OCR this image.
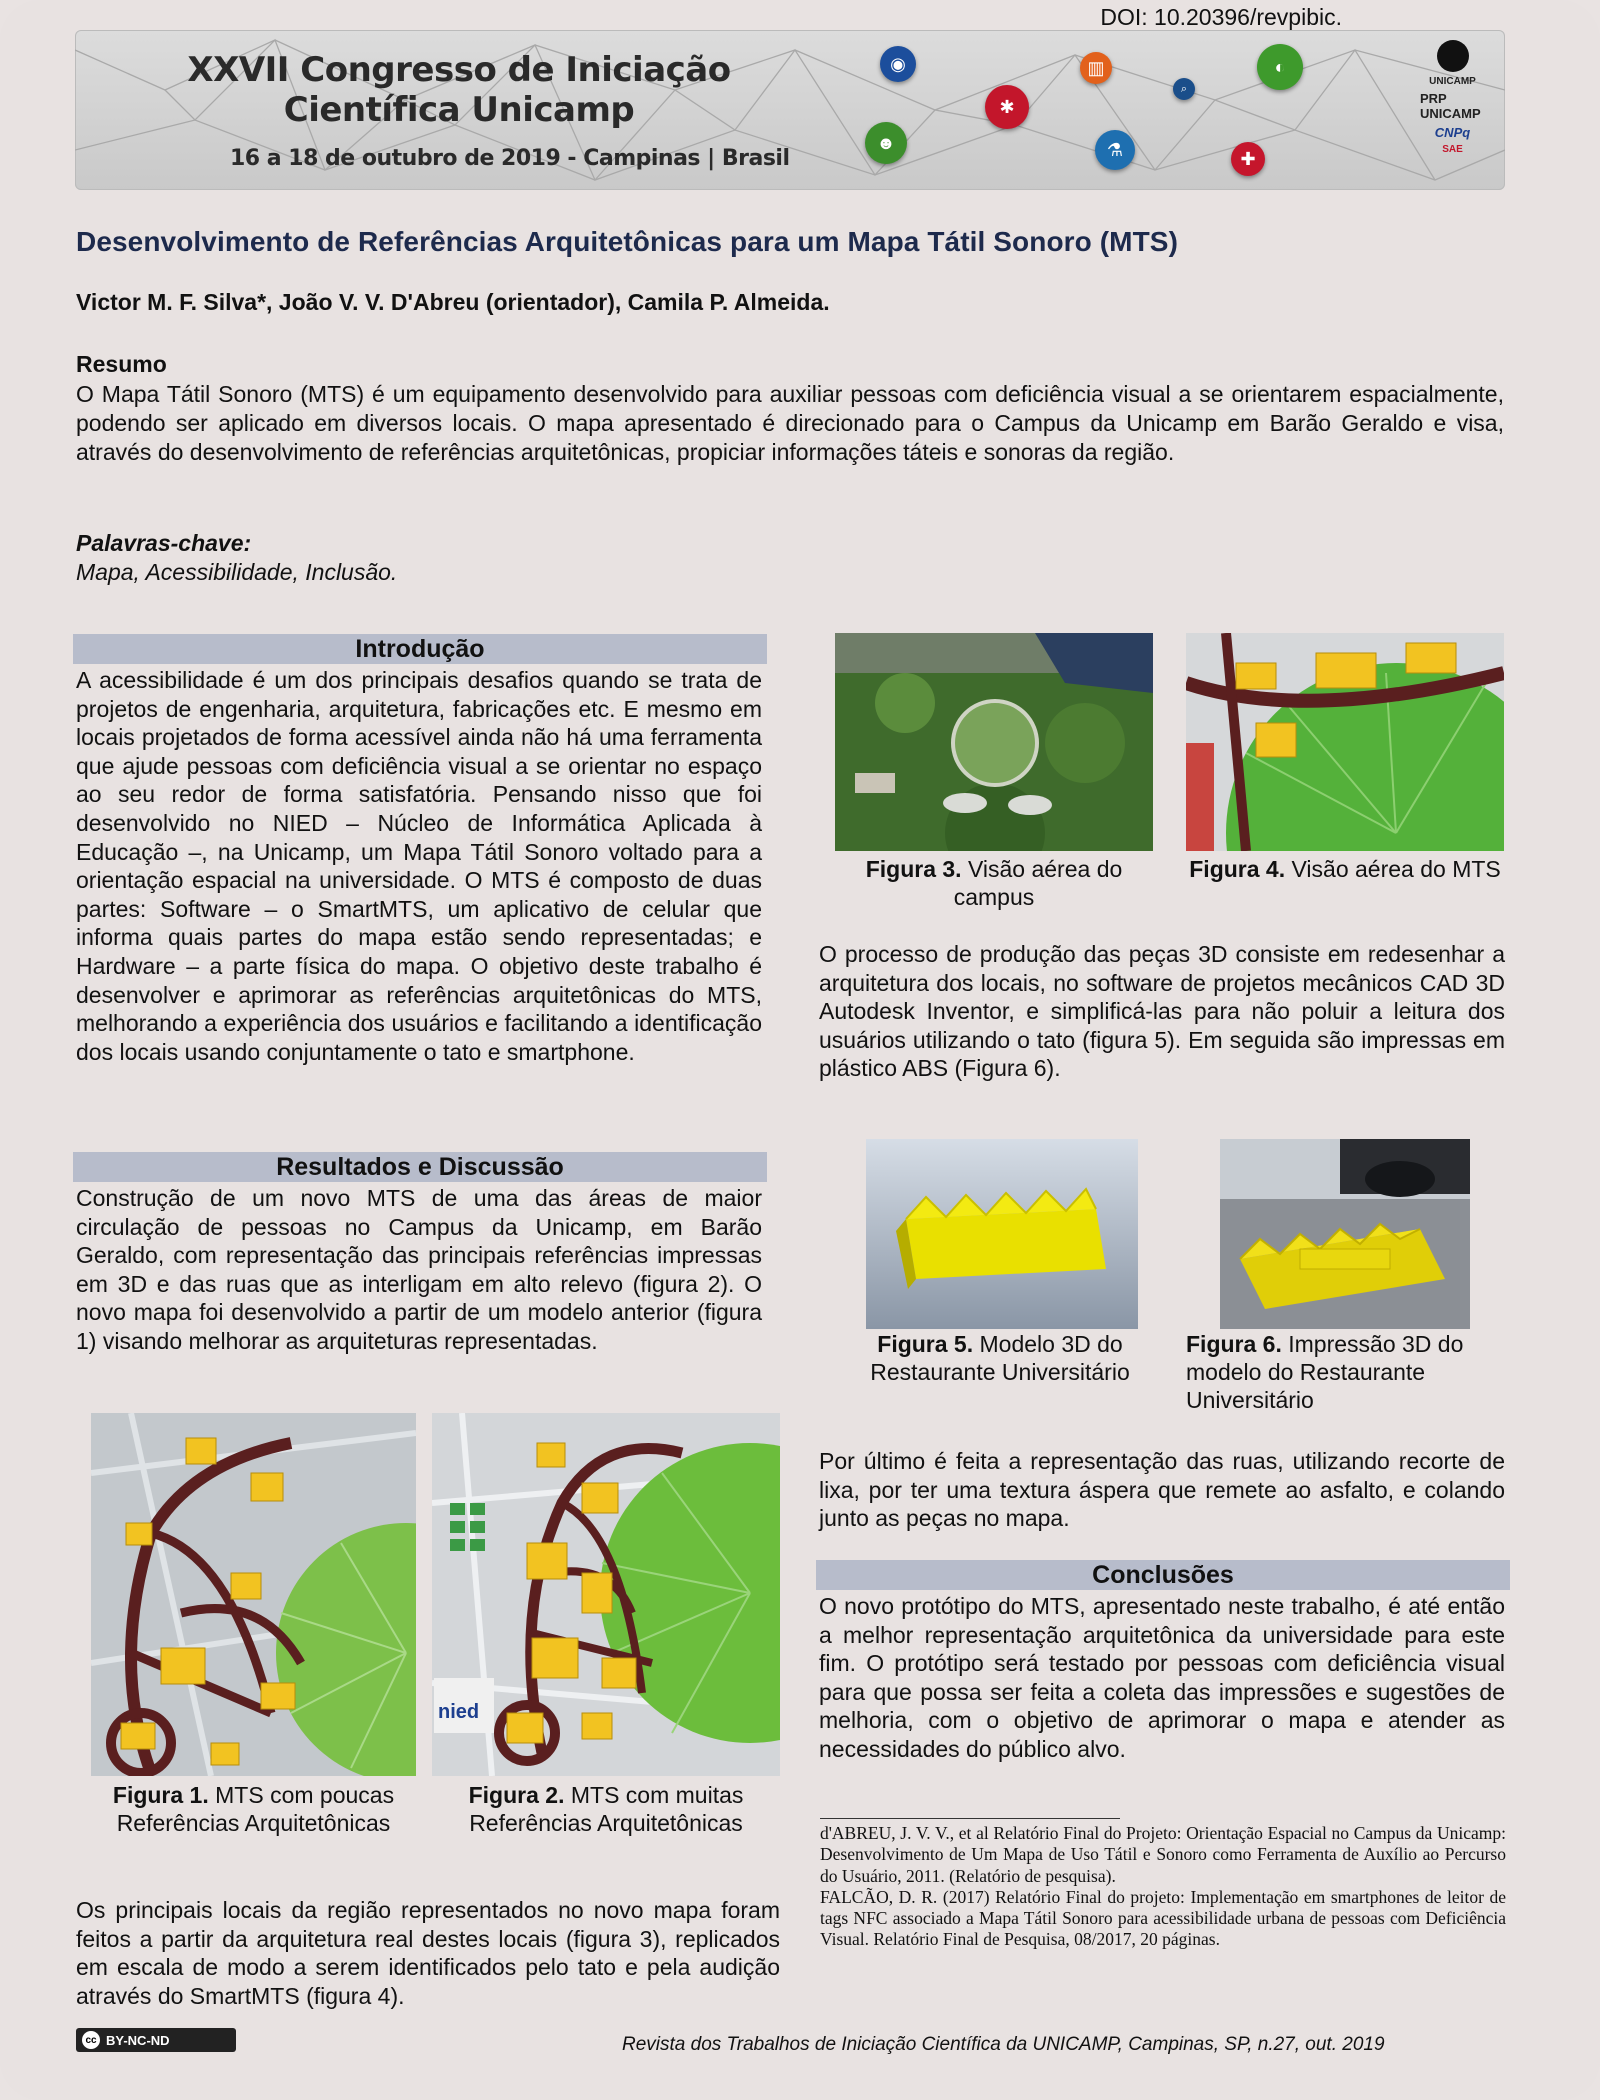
DOI: 10.20396/revpibic.
XXVII Congresso de Iniciação Científica Unicamp
16 a 18 de outubro de 2019 - Campinas | Brasil
◉	▥	◐
✱
⌕
☻	⚗	✚
UNICAMP
PRP UNICAMP
CNPq
SAE
Desenvolvimento de Referências Arquitetônicas para um Mapa Tátil Sonoro (MTS)
Victor M. F. Silva*, João V. V. D'Abreu (orientador), Camila P. Almeida.
Resumo
O Mapa Tátil Sonoro (MTS) é um equipamento desenvolvido para auxiliar pessoas com deficiência visual a se orientarem espacialmente, podendo ser aplicado em diversos locais. O mapa apresentado é direcionado para o Campus da Unicamp em Barão Geraldo e visa, através do desenvolvimento de referências arquitetônicas, propiciar informações táteis e sonoras da região.
Palavras-chave:
Mapa, Acessibilidade, Inclusão.
Introdução
A acessibilidade é um dos principais desafios quando se trata de projetos de engenharia, arquitetura, fabricações etc. E mesmo em locais projetados de forma acessível ainda não há uma ferramenta que ajude pessoas com deficiência visual a se orientar no espaço ao seu redor de forma satisfatória. Pensando nisso que foi desenvolvido no NIED – Núcleo de Informática Aplicada à Educação –, na Unicamp, um Mapa Tátil Sonoro voltado para a orientação espacial na universidade. O MTS é composto de duas partes: Software – o SmartMTS, um aplicativo de celular que informa quais partes do mapa estão sendo representadas; e Hardware – a parte física do mapa. O objetivo deste trabalho é desenvolver e aprimorar as referências arquitetônicas do MTS, melhorando a experiência dos usuários e facilitando a identificação dos locais usando conjuntamente o tato e smartphone.
Resultados e Discussão
Construção de um novo MTS de uma das áreas de maior circulação de pessoas no Campus da Unicamp, em Barão Geraldo, com representação das principais referências impressas em 3D e das ruas que as interligam em alto relevo (figura 2). O novo mapa foi desenvolvido a partir de um modelo anterior (figura 1) visando melhorar as arquiteturas representadas.
Figura 1. MTS com poucas Referências Arquitetônicas
nied
Figura 2. MTS com muitas Referências Arquitetônicas
Os principais locais da região representados no novo mapa foram feitos a partir da arquitetura real destes locais (figura 3), replicados em escala de modo a serem identificados pelo tato e pela audição através do SmartMTS (figura 4).
Figura 3. Visão aérea do campus
Figura 4. Visão aérea do MTS
O processo de produção das peças 3D consiste em redesenhar a arquitetura dos locais, no software de projetos mecânicos CAD 3D Autodesk Inventor, e simplificá-las para não poluir a leitura dos usuários utilizando o tato (figura 5). Em seguida são impressas em plástico ABS (Figura 6).
Figura 5. Modelo 3D do Restaurante Universitário
Figura 6. Impressão 3D do modelo do Restaurante Universitário
Por último é feita a representação das ruas, utilizando recorte de lixa, por ter uma textura áspera que remete ao asfalto, e colando junto as peças no mapa.
Conclusões
O novo protótipo do MTS, apresentado neste trabalho, é até então a melhor representação arquitetônica da universidade para este fim. O protótipo será testado por pessoas com deficiência visual para que possa ser feita a coleta das impressões e sugestões de melhoria, com o objetivo de aprimorar o mapa e atender as necessidades do público alvo.
d'ABREU, J. V. V., et al Relatório Final do Projeto: Orientação Espacial no Campus da Unicamp: Desenvolvimento de Um Mapa de Uso Tátil e Sonoro como Ferramenta de Auxílio ao Percurso do Usuário, 2011. (Relatório de pesquisa).
FALCÃO, D. R. (2017) Relatório Final do projeto: Implementação em smartphones de leitor de tags NFC associado a Mapa Tátil Sonoro para acessibilidade urbana de pessoas com Deficiência Visual. Relatório Final de Pesquisa, 08/2017, 20 páginas.
cc BY-NC-ND	Revista dos Trabalhos de Iniciação Científica da UNICAMP, Campinas, SP, n.27, out. 2019
